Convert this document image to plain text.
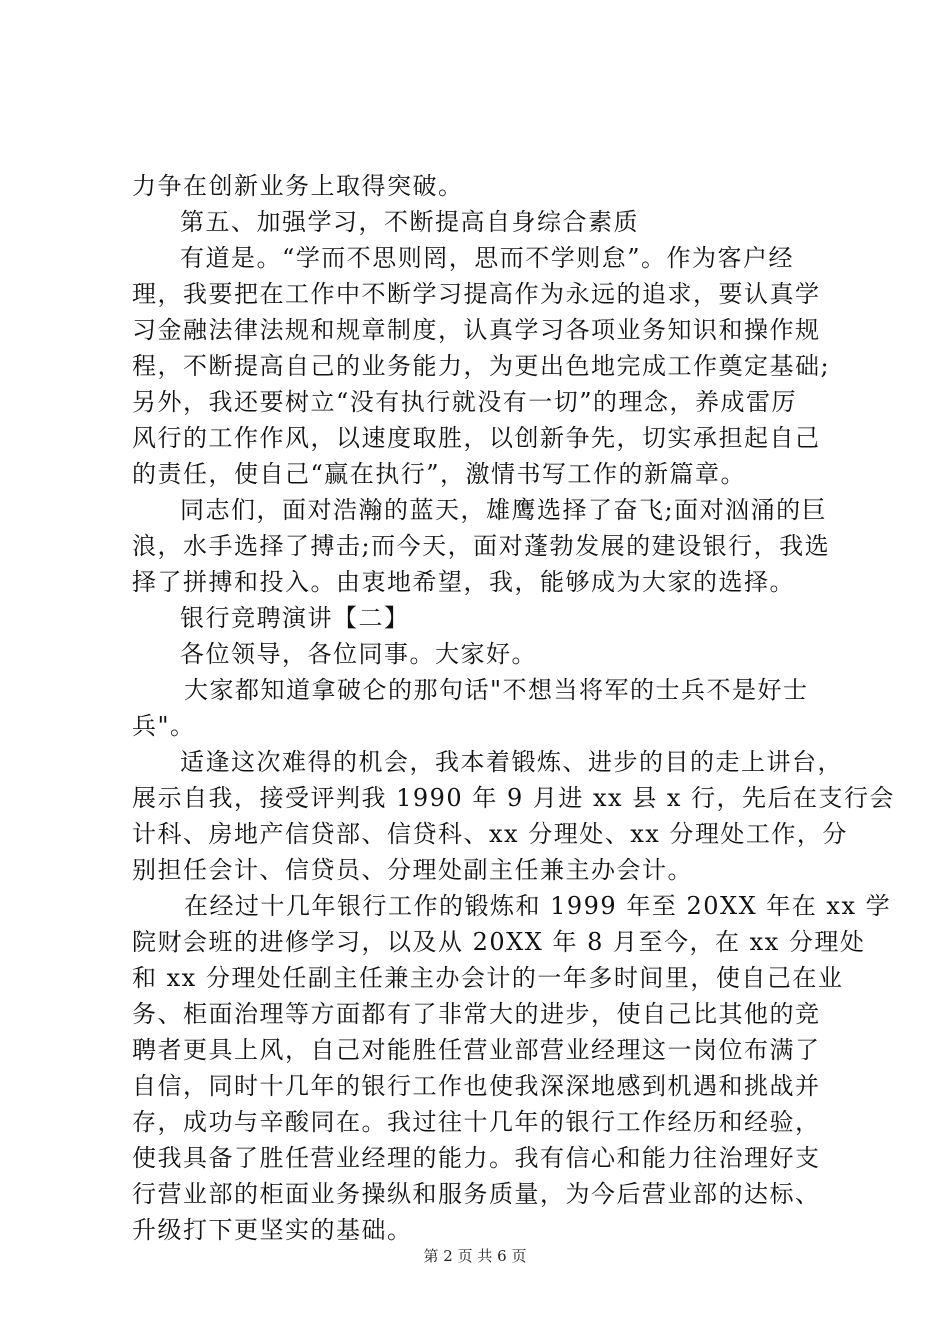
力争在创新业务上取得突破。
第五、加强学习，不断提高自身综合素质
有道是。“学而不思则罔，思而不学则怠”。作为客户经
理，我要把在工作中不断学习提高作为永远的追求，要认真学
习金融法律法规和规章制度，认真学习各项业务知识和操作规
程，不断提高自己的业务能力，为更出色地完成工作奠定基础;
另外，我还要树立“没有执行就没有一切”的理念，养成雷厉
风行的工作作风，以速度取胜，以创新争先，切实承担起自己
的责任，使自己“赢在执行”，激情书写工作的新篇章。
同志们，面对浩瀚的蓝天，雄鹰选择了奋飞;面对汹涌的巨
浪，水手选择了搏击;而今天，面对蓬勃发展的建设银行，我选
择了拼搏和投入。由衷地希望，我，能够成为大家的选择。
银行竞聘演讲【二】
各位领导，各位同事。大家好。
大家都知道拿破仑的那句话"不想当将军的士兵不是好士
兵"。
适逢这次难得的机会，我本着锻炼、进步的目的走上讲台，
展示自我，接受评判我 1990 年 9 月进 xx 县 x 行，先后在支行会
计科、房地产信贷部、信贷科、xx 分理处、xx 分理处工作，分
别担任会计、信贷员、分理处副主任兼主办会计。
在经过十几年银行工作的锻炼和 1999 年至 20XX 年在 xx 学
院财会班的进修学习，以及从 20XX 年 8 月至今，在 xx 分理处
和 xx 分理处任副主任兼主办会计的一年多时间里，使自己在业
务、柜面治理等方面都有了非常大的进步，使自己比其他的竞
聘者更具上风，自己对能胜任营业部营业经理这一岗位布满了
自信，同时十几年的银行工作也使我深深地感到机遇和挑战并
存，成功与辛酸同在。我过往十几年的银行工作经历和经验，
使我具备了胜任营业经理的能力。我有信心和能力往治理好支
行营业部的柜面业务操纵和服务质量，为今后营业部的达标、
升级打下更坚实的基础。
第 2 页 共 6 页
